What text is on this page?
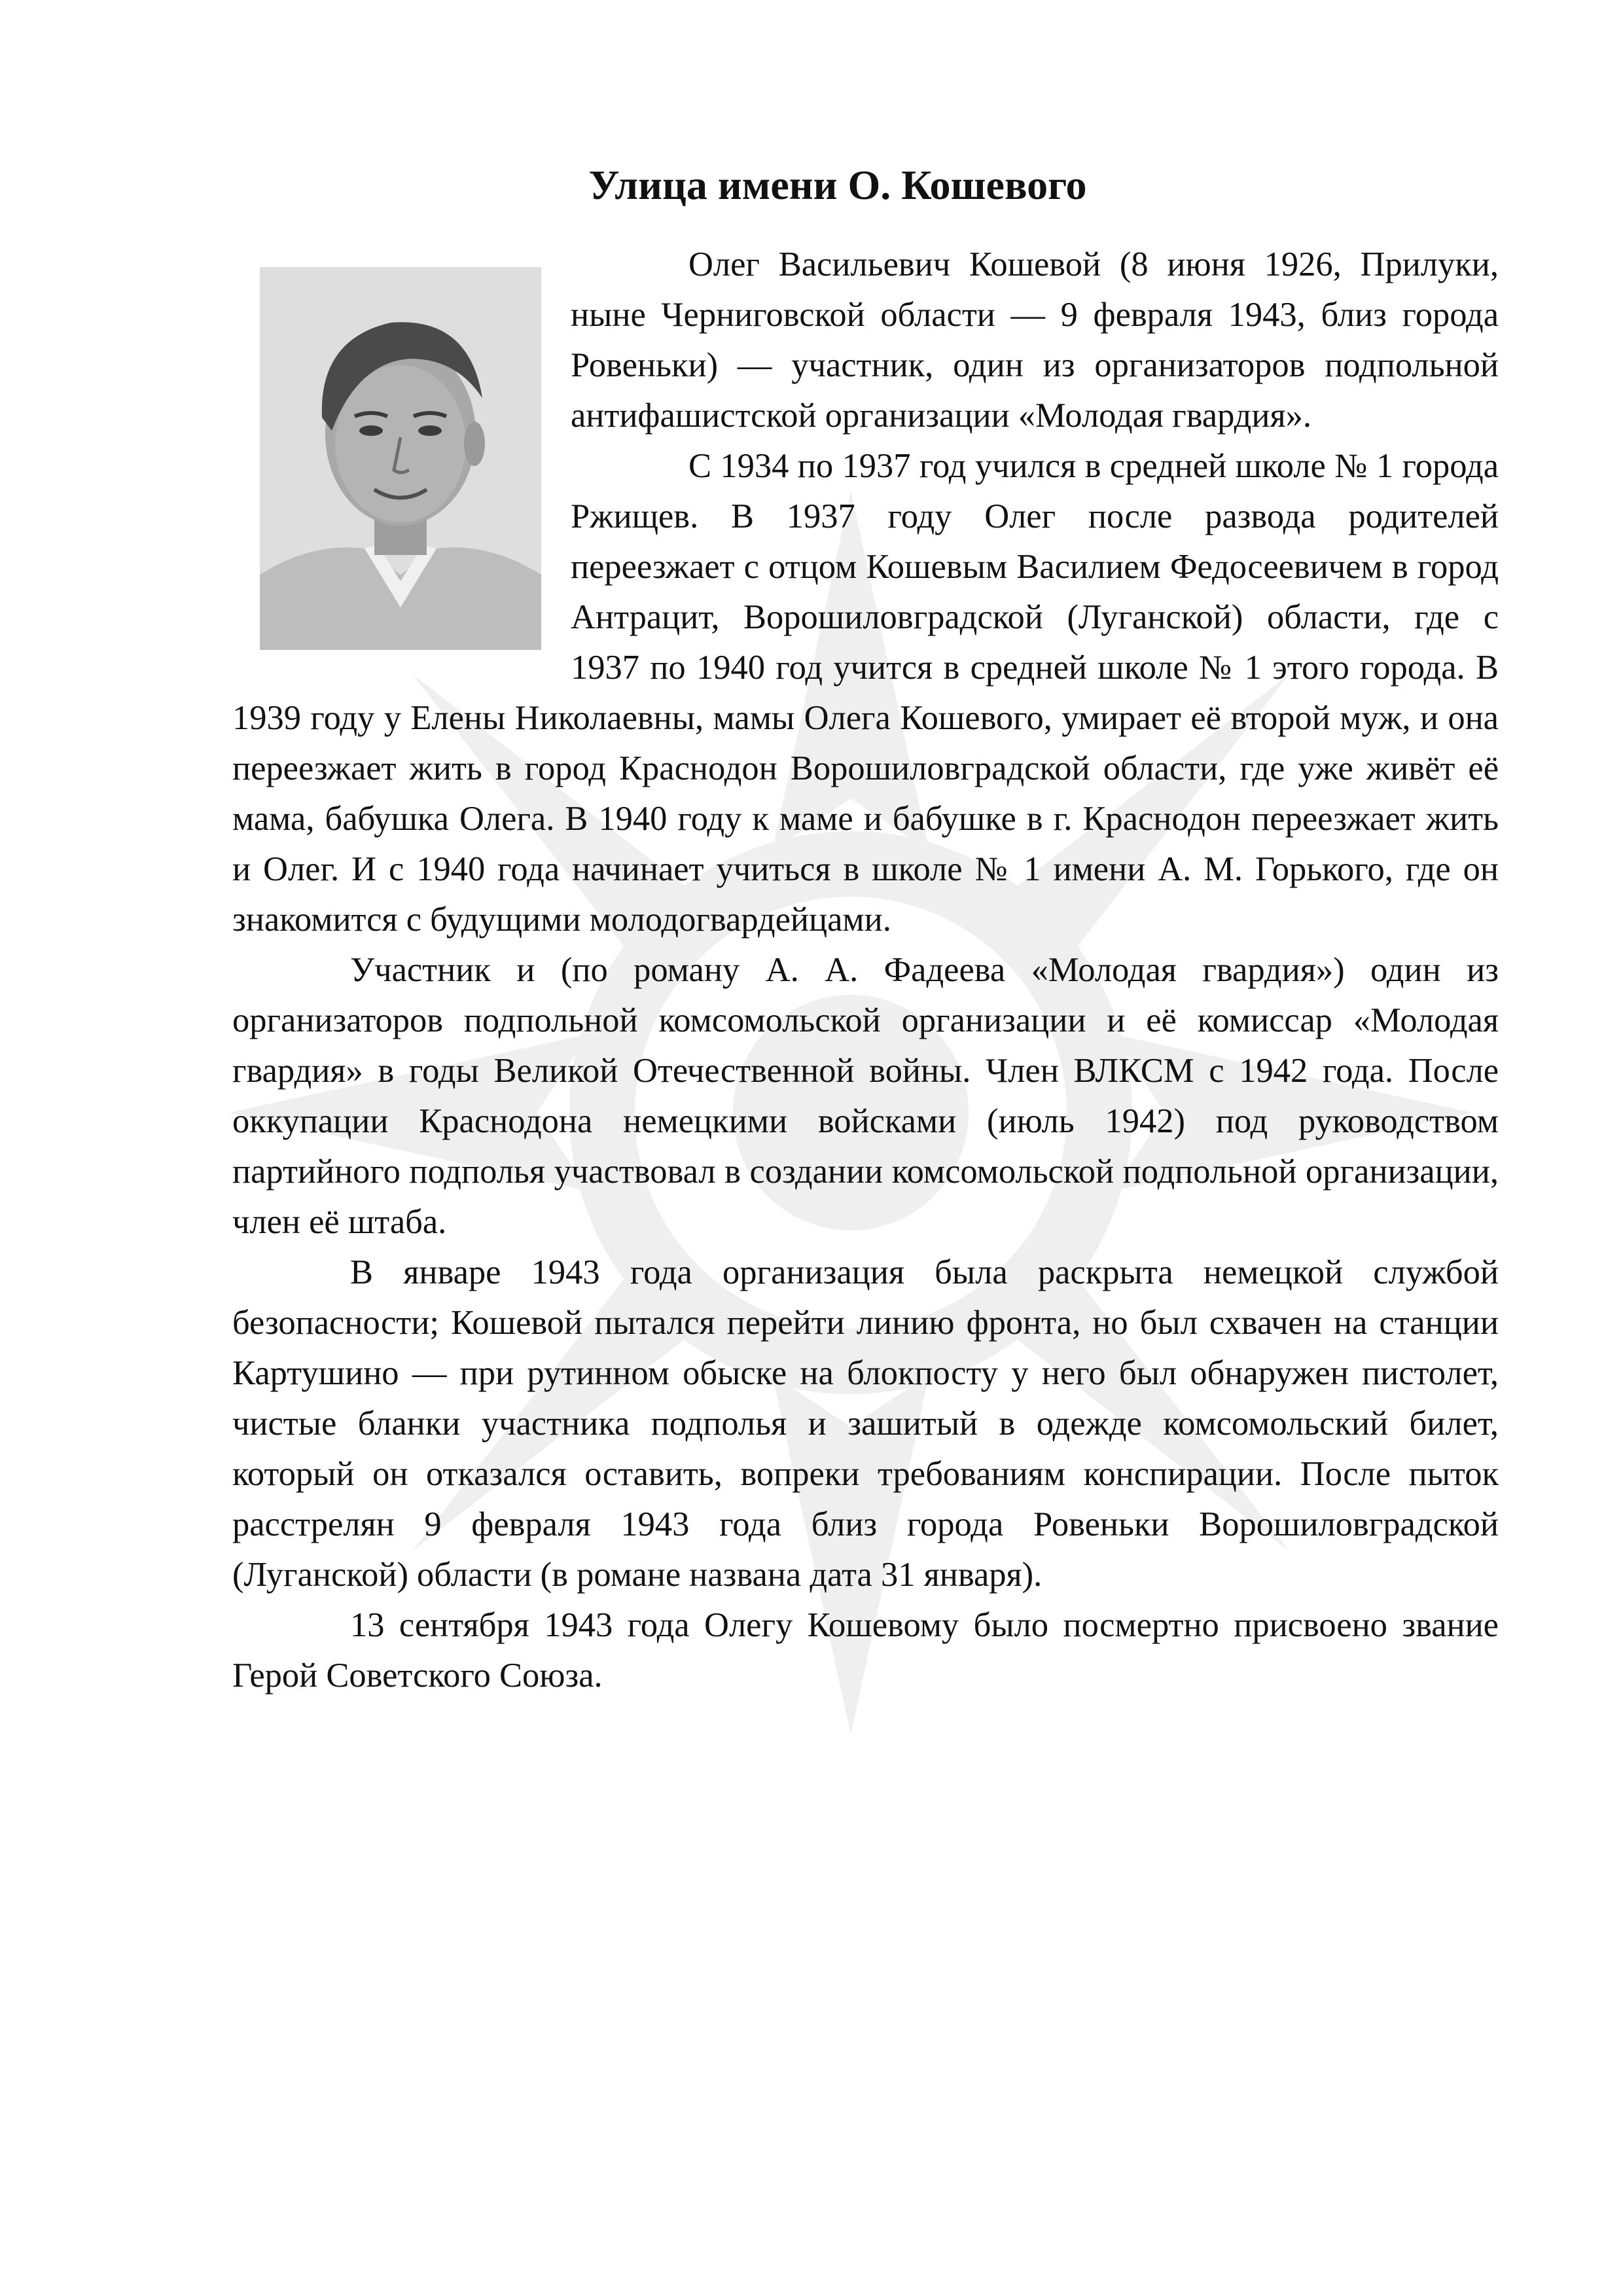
Улица имени О. Кошевого

Олег Васильевич Кошевой (8 июня 1926, Прилуки, ныне Черниговской области — 9 февраля 1943, близ города Ровеньки) — участник, один из организаторов подпольной антифашистской организации «Молодая гвардия».

С 1934 по 1937 год учился в средней школе № 1 города Ржищев. В 1937 году Олег после развода родителей переезжает с отцом Кошевым Василием Федосеевичем в город Антрацит, Ворошиловградской (Луганской) области, где с 1937 по 1940 год учится в средней школе № 1 этого города. В 1939 году у Елены Николаевны, мамы Олега Кошевого, умирает её второй муж, и она переезжает жить в город Краснодон Ворошиловградской области, где уже живёт её мама, бабушка Олега. В 1940 году к маме и бабушке в г. Краснодон переезжает жить и Олег. И с 1940 года начинает учиться в школе № 1 имени А. М. Горького, где он знакомится с будущими молодогвардейцами.

Участник и (по роману А. А. Фадеева «Молодая гвардия») один из организаторов подпольной комсомольской организации и её комиссар «Молодая гвардия» в годы Великой Отечественной войны. Член ВЛКСМ с 1942 года. После оккупации Краснодона немецкими войсками (июль 1942) под руководством партийного подполья участвовал в создании комсомольской подпольной организации, член её штаба.

В январе 1943 года организация была раскрыта немецкой службой безопасности; Кошевой пытался перейти линию фронта, но был схвачен на станции Картушино — при рутинном обыске на блокпосту у него был обнаружен пистолет, чистые бланки участника подполья и зашитый в одежде комсомольский билет, который он отказался оставить, вопреки требованиям конспирации. После пыток расстрелян 9 февраля 1943 года близ города Ровеньки Ворошиловградской (Луганской) области (в романе названа дата 31 января).

13 сентября 1943 года Олегу Кошевому было посмертно присвоено звание Герой Советского Союза.
